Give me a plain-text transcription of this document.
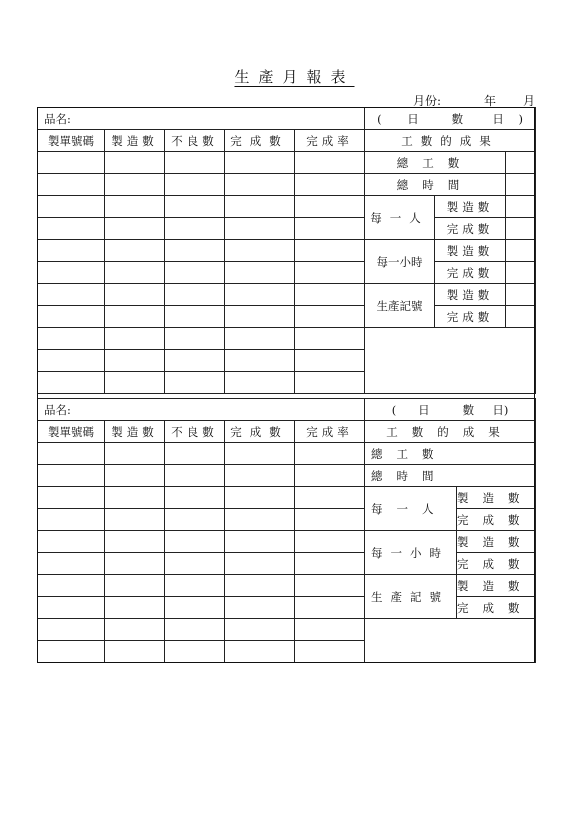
生產月報表
月份:	年 月
品名:					( 日 數 日 )		
製單號碼	製造數	不良數	完成數	完成率	工數的成果		
					總工數		
					總時間		
					每一人	製造數	
						完成數	
					每一小時	製造數	
						完成數	
					生產記號	製造數	
						完成數	

品名:					( 日 數 日)	
製單號碼	製造數	不良數	完成數	完成率	工數的成果	
					總工數	
					總時間	
					每一人	製造數
						完成數
					每一小時	製造數
						完成數
					生產記號	製造數
						完成數
